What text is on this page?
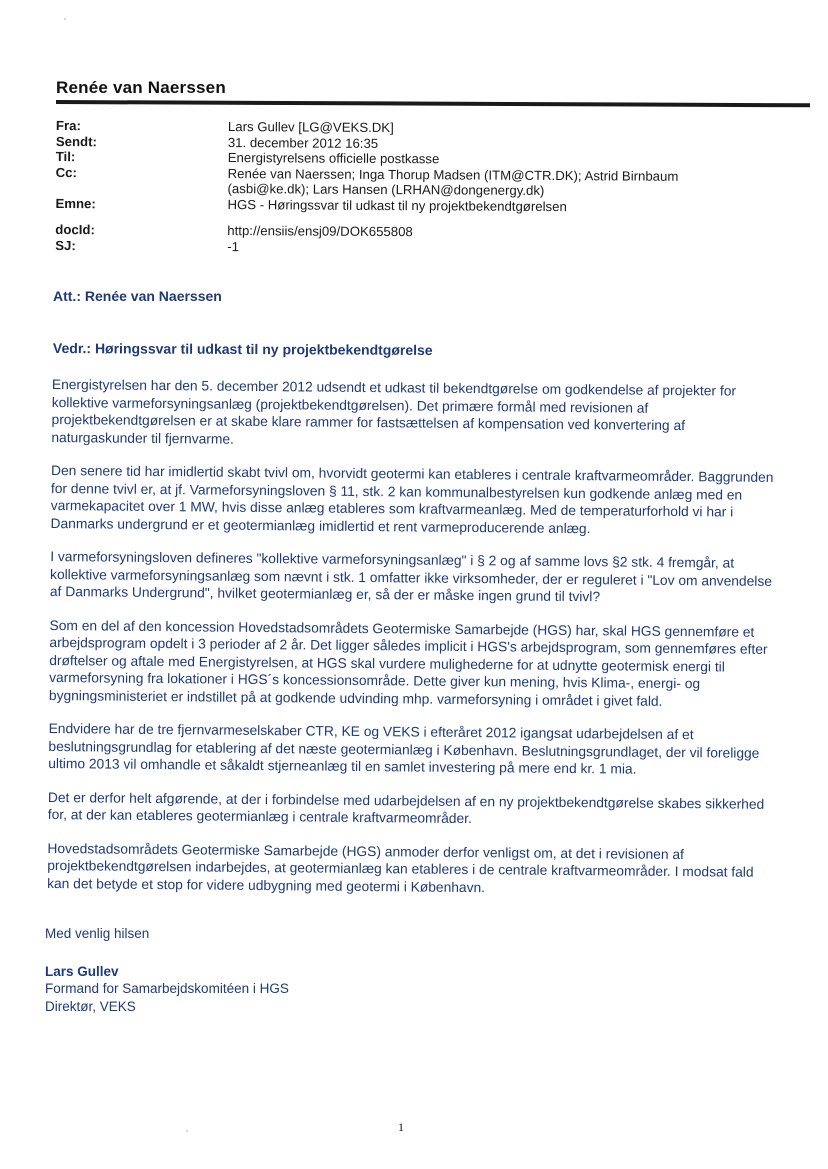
Renée van Naerssen
Fra:	Lars Gullev [LG@VEKS.DK]
Sendt:	31. december 2012 16:35
Til:	Energistyrelsens officielle postkasse
Cc:	Renée van Naerssen; Inga Thorup Madsen (ITM@CTR.DK); Astrid Birnbaum
(asbi@ke.dk); Lars Hansen (LRHAN@dongenergy.dk)
Emne:	HGS - Høringssvar til udkast til ny projektbekendtgørelsen
docId:	http://ensiis/ensj09/DOK655808
SJ:	-1
Att.: Renée van Naerssen
Vedr.: Høringssvar til udkast til ny projektbekendtgørelse

Energistyrelsen har den 5. december 2012 udsendt et udkast til bekendtgørelse om godkendelse af projekter for kollektive varmeforsyningsanlæg (projektbekendtgørelsen). Det primære formål med revisionen af projektbekendtgørelsen er at skabe klare rammer for fastsættelsen af kompensation ved konvertering af naturgaskunder til fjernvarme.

Den senere tid har imidlertid skabt tvivl om, hvorvidt geotermi kan etableres i centrale kraftvarmeområder. Baggrunden for denne tvivl er, at jf. Varmeforsyningsloven § 11, stk. 2 kan kommunalbestyrelsen kun godkende anlæg med en varmekapacitet over 1 MW, hvis disse anlæg etableres som kraftvarmeanlæg. Med de temperaturforhold vi har i Danmarks undergrund er et geotermianlæg imidlertid et rent varmeproducerende anlæg.

I varmeforsyningsloven defineres "kollektive varmeforsyningsanlæg" i § 2 og af samme lovs §2 stk. 4 fremgår, at kollektive varmeforsyningsanlæg som nævnt i stk. 1 omfatter ikke virksomheder, der er reguleret i "Lov om anvendelse af Danmarks Undergrund", hvilket geotermianlæg er, så der er måske ingen grund til tvivl?

Som en del af den koncession Hovedstadsområdets Geotermiske Samarbejde (HGS) har, skal HGS gennemføre et arbejdsprogram opdelt i 3 perioder af 2 år. Det ligger således implicit i HGS's arbejdsprogram, som gennemføres efter drøftelser og aftale med Energistyrelsen, at HGS skal vurdere mulighederne for at udnytte geotermisk energi til varmeforsyning fra lokationer i HGS´s koncessionsområde. Dette giver kun mening, hvis Klima-, energi- og bygningsministeriet er indstillet på at godkende udvinding mhp. varmeforsyning i området i givet fald.

Endvidere har de tre fjernvarmeselskaber CTR, KE og VEKS i efteråret 2012 igangsat udarbejdelsen af et beslutningsgrundlag for etablering af det næste geotermianlæg i København. Beslutningsgrundlaget, der vil foreligge ultimo 2013 vil omhandle et såkaldt stjerneanlæg til en samlet investering på mere end kr. 1 mia.

Det er derfor helt afgørende, at der i forbindelse med udarbejdelsen af en ny projektbekendtgørelse skabes sikkerhed for, at der kan etableres geotermianlæg i centrale kraftvarmeområder.

Hovedstadsområdets Geotermiske Samarbejde (HGS) anmoder derfor venligst om, at det i revisionen af projektbekendtgørelsen indarbejdes, at geotermianlæg kan etableres i de centrale kraftvarmeområder. I modsat fald kan det betyde et stop for videre udbygning med geotermi i København.

Med venlig hilsen
Lars Gullev
Formand for Samarbejdskomitéen i HGS
Direktør, VEKS
1
